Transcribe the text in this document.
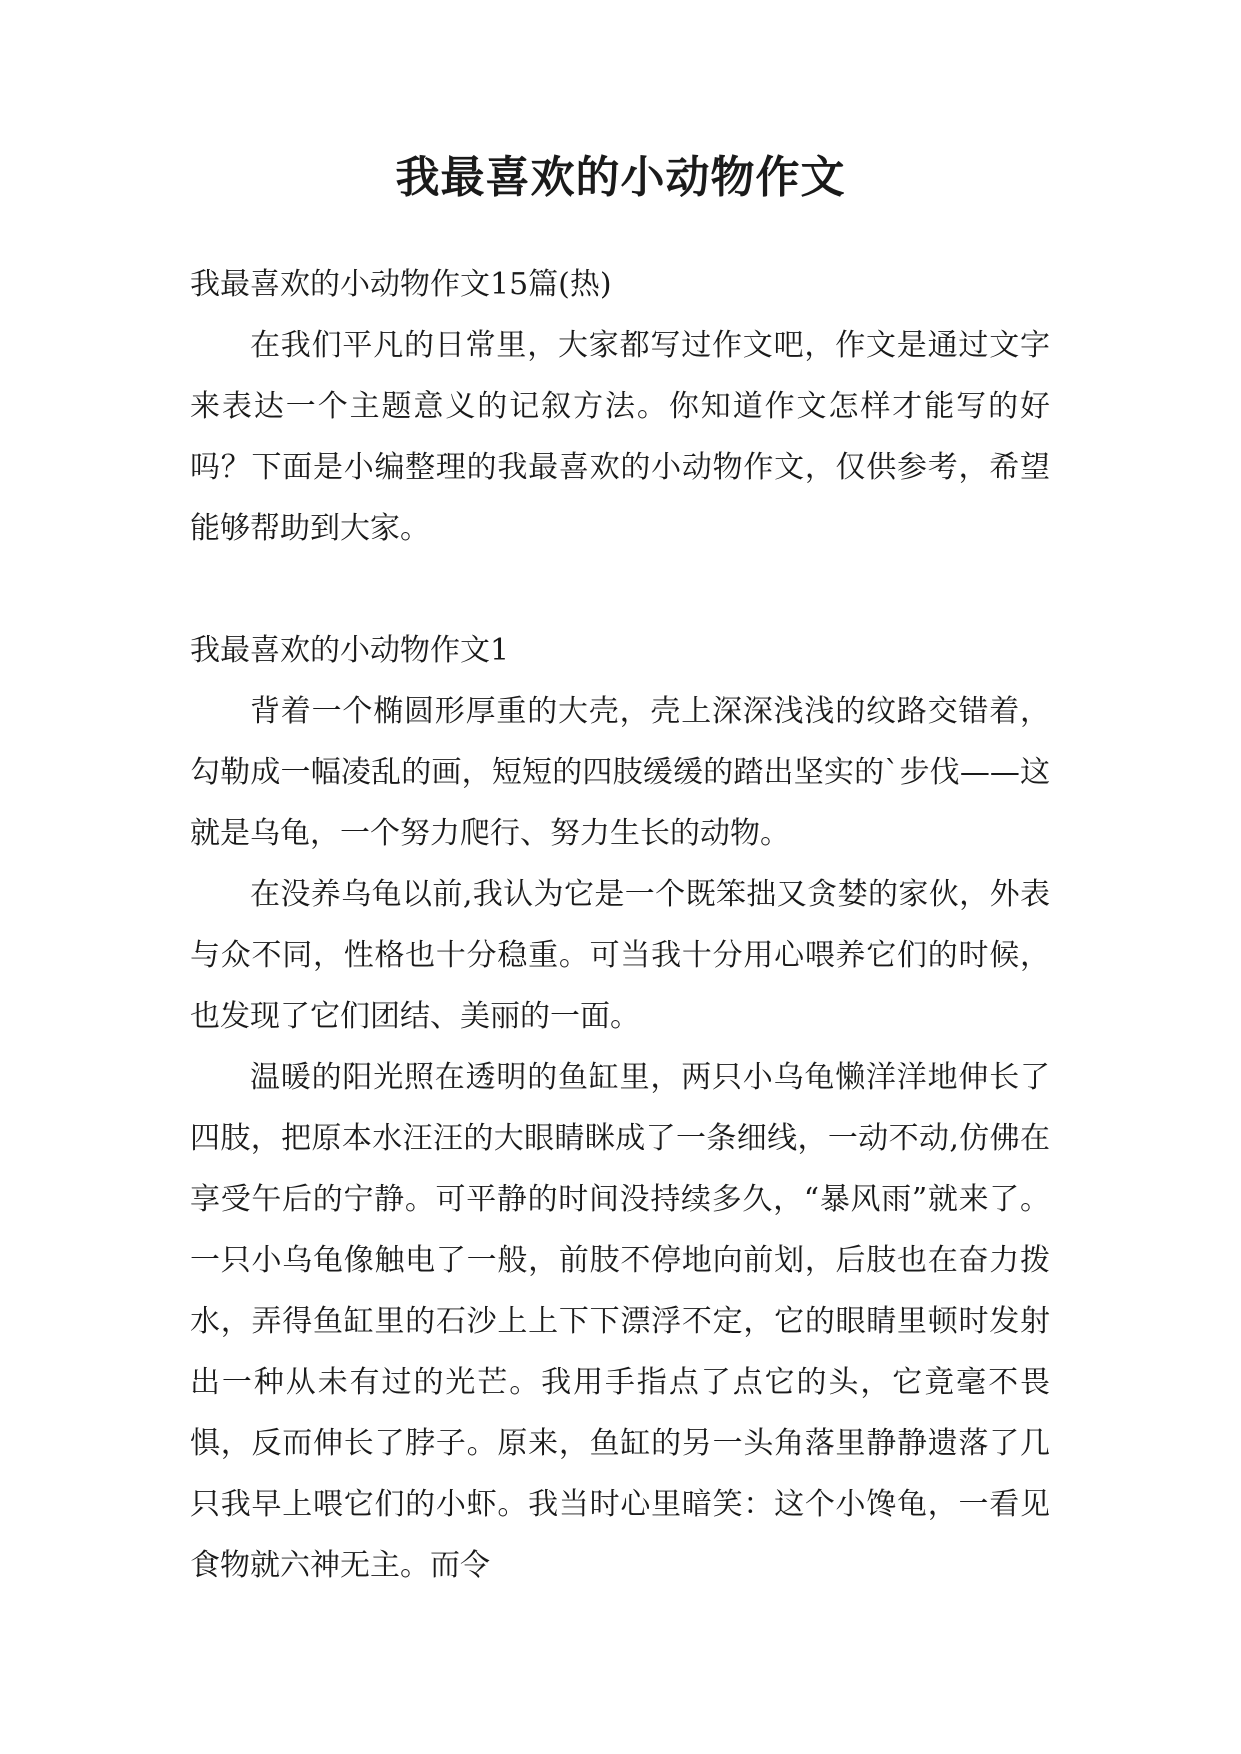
我最喜欢的小动物作文

我最喜欢的小动物作文15篇(热)

在我们平凡的日常里，大家都写过作文吧，作文是通过文字来表达一个主题意义的记叙方法。你知道作文怎样才能写的好吗？下面是小编整理的我最喜欢的小动物作文，仅供参考，希望能够帮助到大家。

我最喜欢的小动物作文1

背着一个椭圆形厚重的大壳，壳上深深浅浅的纹路交错着，勾勒成一幅凌乱的画，短短的四肢缓缓的踏出坚实的`步伐——这就是乌龟，一个努力爬行、努力生长的动物。

在没养乌龟以前,我认为它是一个既笨拙又贪婪的家伙，外表与众不同，性格也十分稳重。可当我十分用心喂养它们的时候，也发现了它们团结、美丽的一面。

温暖的阳光照在透明的鱼缸里，两只小乌龟懒洋洋地伸长了四肢，把原本水汪汪的大眼睛眯成了一条细线，一动不动,仿佛在享受午后的宁静。可平静的时间没持续多久，“暴风雨”就来了。一只小乌龟像触电了一般，前肢不停地向前划，后肢也在奋力拨水，弄得鱼缸里的石沙上上下下漂浮不定，它的眼睛里顿时发射出一种从未有过的光芒。我用手指点了点它的头，它竟毫不畏惧，反而伸长了脖子。原来，鱼缸的另一头角落里静静遗落了几只我早上喂它们的小虾。我当时心里暗笑：这个小馋龟，一看见食物就六神无主。而令
